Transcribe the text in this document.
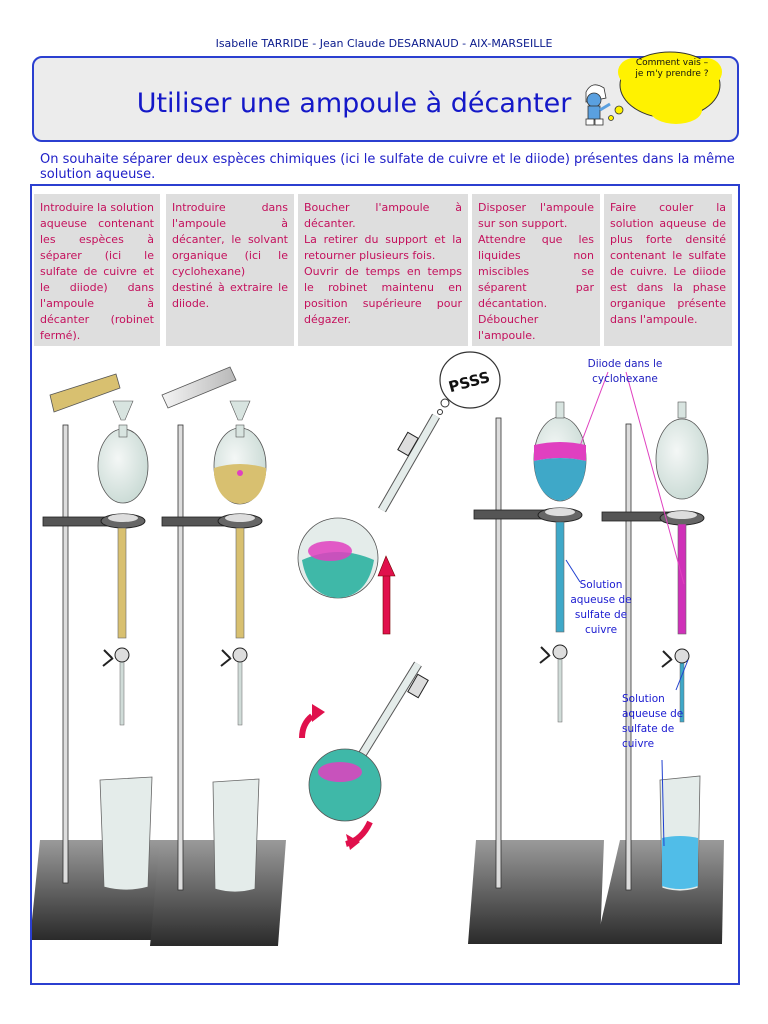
Isabelle TARRIDE - Jean Claude DESARNAUD - AIX-MARSEILLE
Utiliser une ampoule à décanter
PSSS
Comment vais –
je m'y prendre ?
On souhaite séparer deux espèces chimiques (ici le sulfate de cuivre et le diiode) présentes dans la même solution aqueuse.

Introduire la solution aqueuse contenant les espèces à séparer (ici le sulfate de cuivre et le diiode) dans l'ampoule à décanter (robinet fermé).

Introduire dans l'ampoule à décanter, le solvant organique (ici le cyclohexane) destiné à extraire le diiode.

Boucher l'ampoule à décanter.

La retirer du support et la retourner plusieurs fois.

Ouvrir de temps en temps le robinet maintenu en position supérieure pour dégazer.

Disposer l'ampoule sur son support.

Attendre que les liquides non miscibles se séparent par décantation.

Déboucher l'ampoule.

Faire couler la solution aqueuse de plus forte densité contenant le sulfate de cuivre. Le diiode est dans la phase organique présente dans l'ampoule.

Diiode dans le cyclohexane
Solution
aqueuse de
sulfate de
cuivre
Solution
aqueuse de
sulfate de
cuivre
